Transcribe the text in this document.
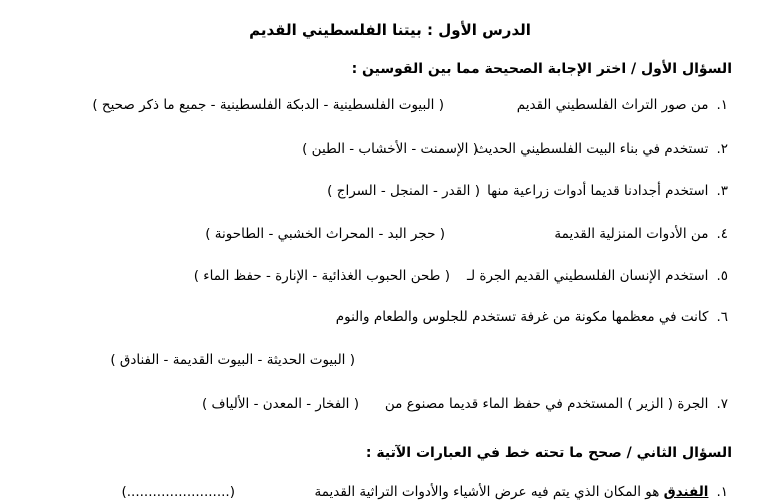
الدرس الأول : بيتنا الفلسطيني القديم
السؤال الأول / اختر الإجابة الصحيحة مما بين القوسين :
١.من صور التراث الفلسطيني القديم
( البيوت الفلسطينية - الدبكة الفلسطينية - جميع ما ذكر صحيح )
٢.تستخدم في بناء البيت الفلسطيني الحديث
( الإسمنت - الأخشاب - الطين )
٣.استخدم أجدادنا قديما أدوات زراعية منها
( القدر - المنجل - السراج )
٤.من الأدوات المنزلية القديمة
( حجر البد - المحراث الخشبي - الطاحونة )
٥.استخدم الإنسان الفلسطيني القديم الجرة لـ
( طحن الحبوب الغذائية - الإنارة - حفظ الماء )
٦.كانت في معظمها مكونة من غرفة تستخدم للجلوس والطعام والنوم
( البيوت الحديثة - البيوت القديمة - الفنادق )
٧.الجرة ( الزير ) المستخدم في حفظ الماء قديما مصنوع من
( الفخار - المعدن - الألياف )
السؤال الثاني / صحح ما تحته خط في العبارات الآتية :
١.الفندق هو المكان الذي يتم فيه عرض الأشياء والأدوات التراثية القديمة
(........................)
